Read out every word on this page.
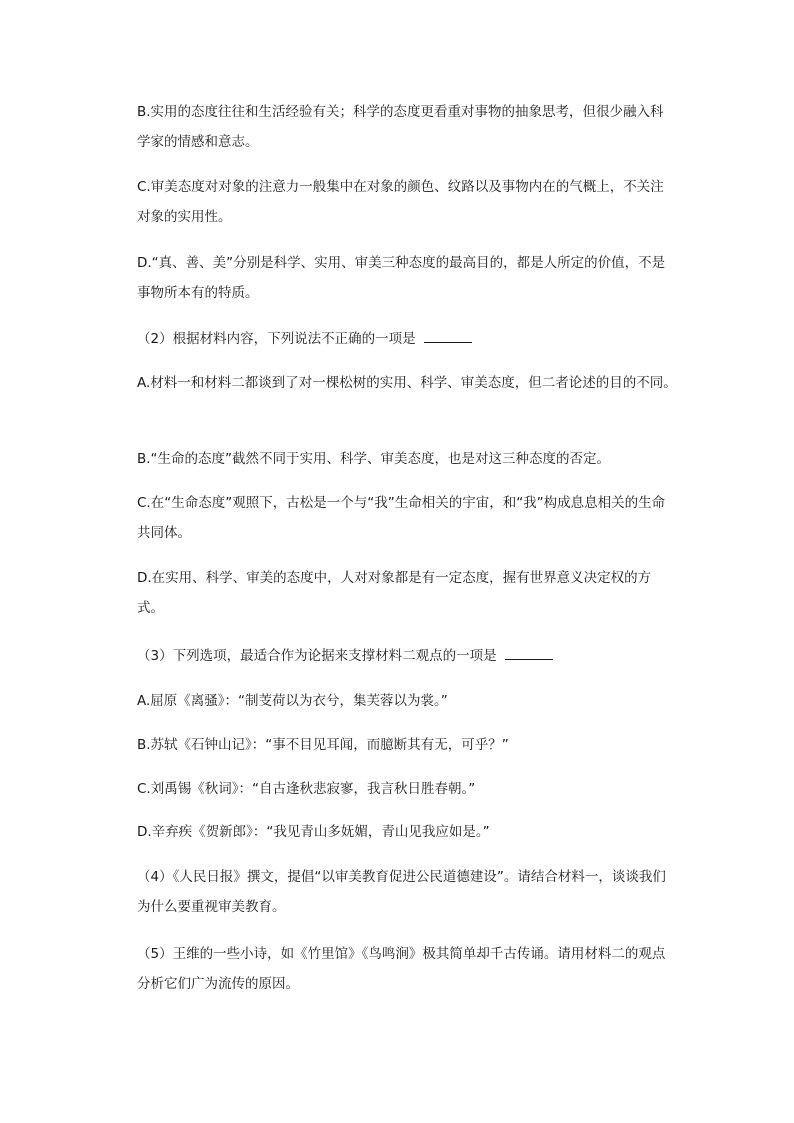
B.实用的态度往往和生活经验有关；科学的态度更看重对事物的抽象思考，但很少融入科学家的情感和意志。

C.审美态度对对象的注意力一般集中在对象的颜色、纹路以及事物内在的气概上，不关注对象的实用性。

D.“真、善、美”分别是科学、实用、审美三种态度的最高目的，都是人所定的价值，不是事物所本有的特质。

（2）根据材料内容，下列说法不正确的一项是

A.材料一和材料二都谈到了对一棵松树的实用、科学、审美态度，但二者论述的目的不同。

B.“生命的态度”截然不同于实用、科学、审美态度，也是对这三种态度的否定。

C.在“生命态度”观照下，古松是一个与“我”生命相关的宇宙，和“我”构成息息相关的生命共同体。

D.在实用、科学、审美的态度中，人对对象都是有一定态度，握有世界意义决定权的方式。

（3）下列选项，最适合作为论据来支撑材料二观点的一项是

A.屈原《离骚》：“制芰荷以为衣兮，集芙蓉以为裳。”

B.苏轼《石钟山记》：“事不目见耳闻，而臆断其有无，可乎？”

C.刘禹锡《秋词》：“自古逢秋悲寂寥，我言秋日胜春朝。”

D.辛弃疾《贺新郎》：“我见青山多妩媚，青山见我应如是。”

（4）《人民日报》撰文，提倡“以审美教育促进公民道德建设”。请结合材料一，谈谈我们为什么要重视审美教育。

（5）王维的一些小诗，如《竹里馆》《鸟鸣涧》极其简单却千古传诵。请用材料二的观点分析它们广为流传的原因。
